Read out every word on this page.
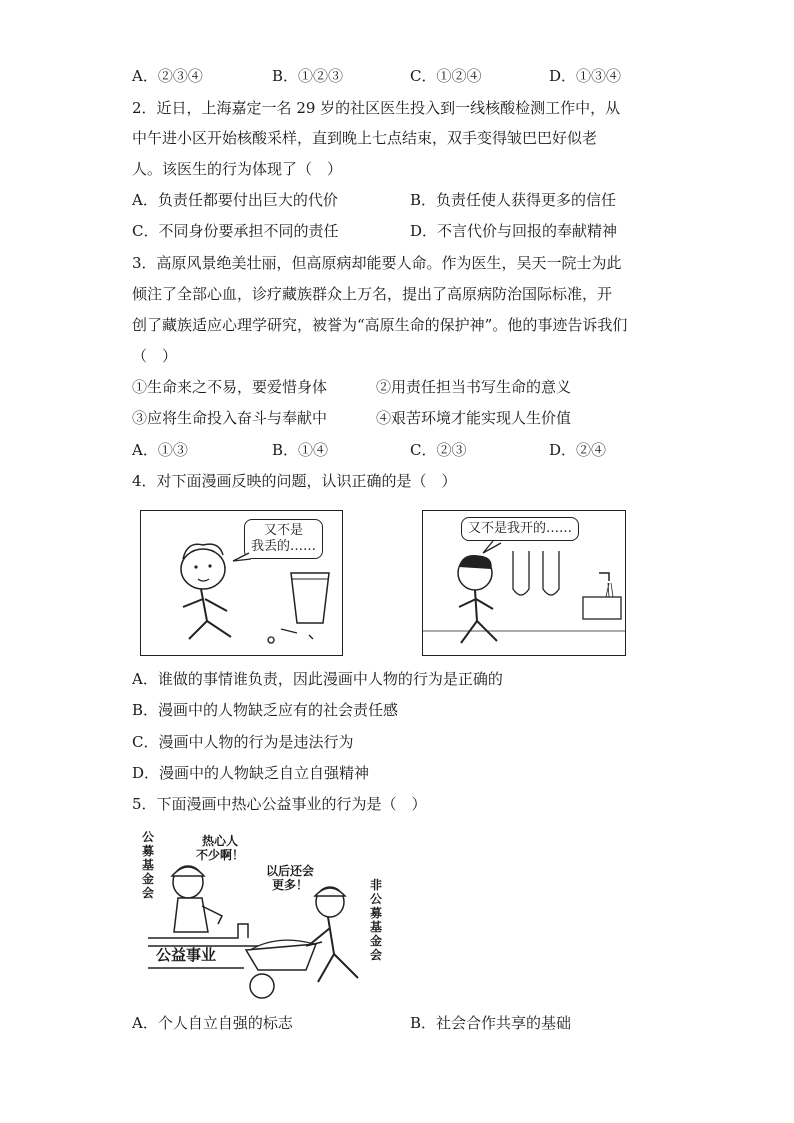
A．②③④	B．①②③	C．①②④	D．①③④
2．近日，上海嘉定一名 29 岁的社区医生投入到一线核酸检测工作中，从
中午进小区开始核酸采样，直到晚上七点结束，双手变得皱巴巴好似老
人。该医生的行为体现了（　）
A．负责任都要付出巨大的代价	B．负责任使人获得更多的信任
C．不同身份要承担不同的责任	D．不言代价与回报的奉献精神
3．高原风景绝美壮丽，但高原病却能要人命。作为医生，吴天一院士为此
倾注了全部心血，诊疗藏族群众上万名，提出了高原病防治国际标准，开
创了藏族适应心理学研究，被誉为“高原生命的保护神”。他的事迹告诉我们
（　）
①生命来之不易，要爱惜身体	②用责任担当书写生命的意义
③应将生命投入奋斗与奉献中	④艰苦环境才能实现人生价值
A．①③	B．①④	C．②③	D．②④
4．对下面漫画反映的问题，认识正确的是（　）
又不是
我丢的……
又不是我开的……
A．谁做的事情谁负责，因此漫画中人物的行为是正确的
B．漫画中的人物缺乏应有的社会责任感
C．漫画中人物的行为是违法行为
D．漫画中的人物缺乏自立自强精神
5．下面漫画中热心公益事业的行为是（　）
公募基金会
非公募基金会
热心人
不少啊！
以后还会
更多！
公益事业
A．个人自立自强的标志	B．社会合作共享的基础
